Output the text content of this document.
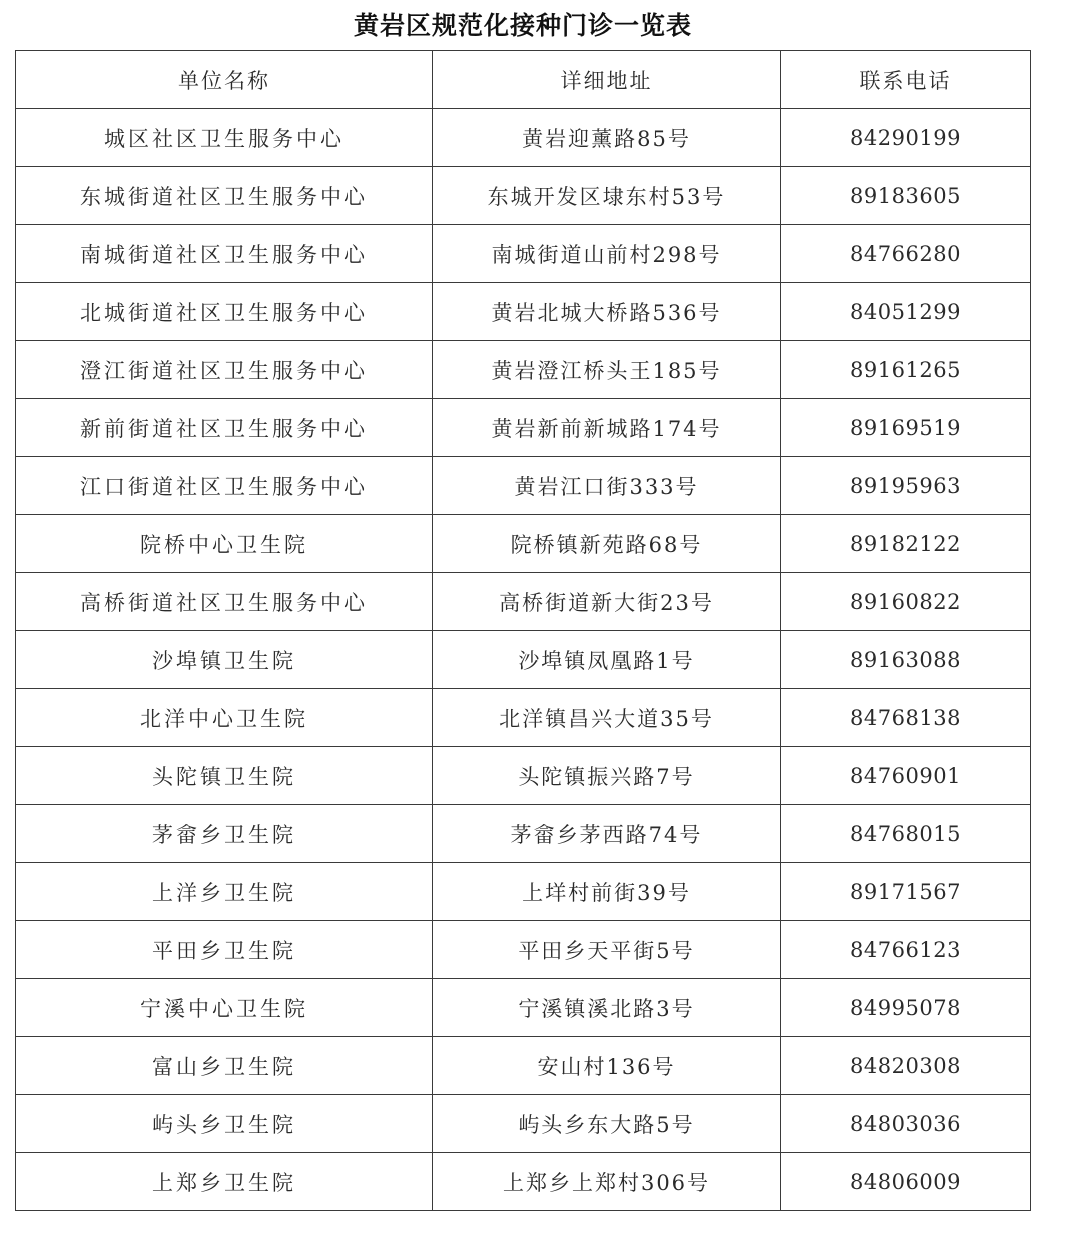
黄岩区规范化接种门诊一览表
单位名称	详细地址	联系电话
城区社区卫生服务中心	黄岩迎薰路85号	84290199
东城街道社区卫生服务中心	东城开发区埭东村53号	89183605
南城街道社区卫生服务中心	南城街道山前村298号	84766280
北城街道社区卫生服务中心	黄岩北城大桥路536号	84051299
澄江街道社区卫生服务中心	黄岩澄江桥头王185号	89161265
新前街道社区卫生服务中心	黄岩新前新城路174号	89169519
江口街道社区卫生服务中心	黄岩江口街333号	89195963
院桥中心卫生院	院桥镇新苑路68号	89182122
高桥街道社区卫生服务中心	高桥街道新大街23号	89160822
沙埠镇卫生院	沙埠镇凤凰路1号	89163088
北洋中心卫生院	北洋镇昌兴大道35号	84768138
头陀镇卫生院	头陀镇振兴路7号	84760901
茅畲乡卫生院	茅畲乡茅西路74号	84768015
上洋乡卫生院	上垟村前街39号	89171567
平田乡卫生院	平田乡天平街5号	84766123
宁溪中心卫生院	宁溪镇溪北路3号	84995078
富山乡卫生院	安山村136号	84820308
屿头乡卫生院	屿头乡东大路5号	84803036
上郑乡卫生院	上郑乡上郑村306号	84806009
